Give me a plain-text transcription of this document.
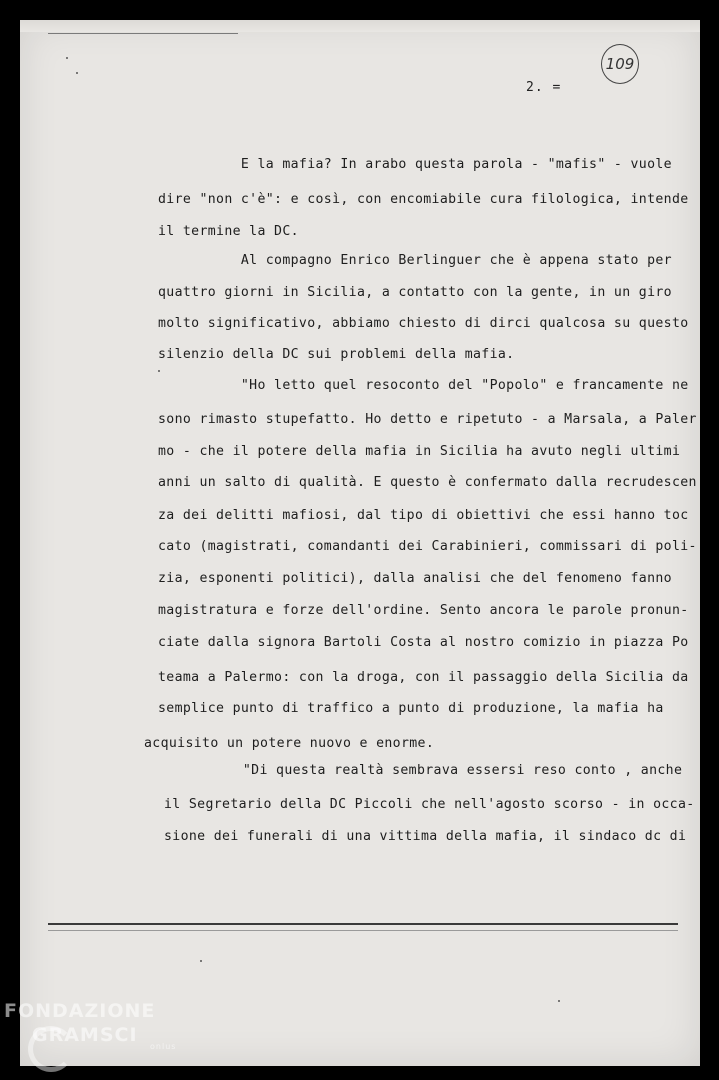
109
2. =
E la mafia? In arabo questa parola - "mafis" - vuole
dire "non c'è": e così, con encomiabile cura filologica, intende
il termine la DC.
Al compagno Enrico Berlinguer che è appena stato per
quattro giorni in Sicilia, a contatto con la gente, in un giro
molto significativo, abbiamo chiesto di dirci qualcosa su questo
silenzio della DC sui problemi della mafia.
"Ho letto quel resoconto del "Popolo" e francamente ne
sono rimasto stupefatto. Ho detto e ripetuto - a Marsala, a Paler
mo - che il potere della mafia in Sicilia ha avuto negli ultimi
anni un salto di qualità. E questo è confermato dalla recrudescen
za dei delitti mafiosi, dal tipo di obiettivi che essi hanno toc
cato (magistrati, comandanti dei Carabinieri, commissari di poli-
zia, esponenti politici), dalla analisi che del fenomeno fanno
magistratura e forze dell'ordine. Sento ancora le parole pronun-
ciate dalla signora Bartoli Costa al nostro comizio in piazza Po
teama a Palermo: con la droga, con il passaggio della Sicilia da
semplice punto di traffico a punto di produzione, la mafia ha
acquisito un potere nuovo e enorme.
"Di questa realtà sembrava essersi reso conto , anche
il Segretario della DC Piccoli che nell'agosto scorso - in occa-
sione dei funerali di una vittima della mafia, il sindaco dc di
FONDAZIONE
GRAMSCI
onlus
